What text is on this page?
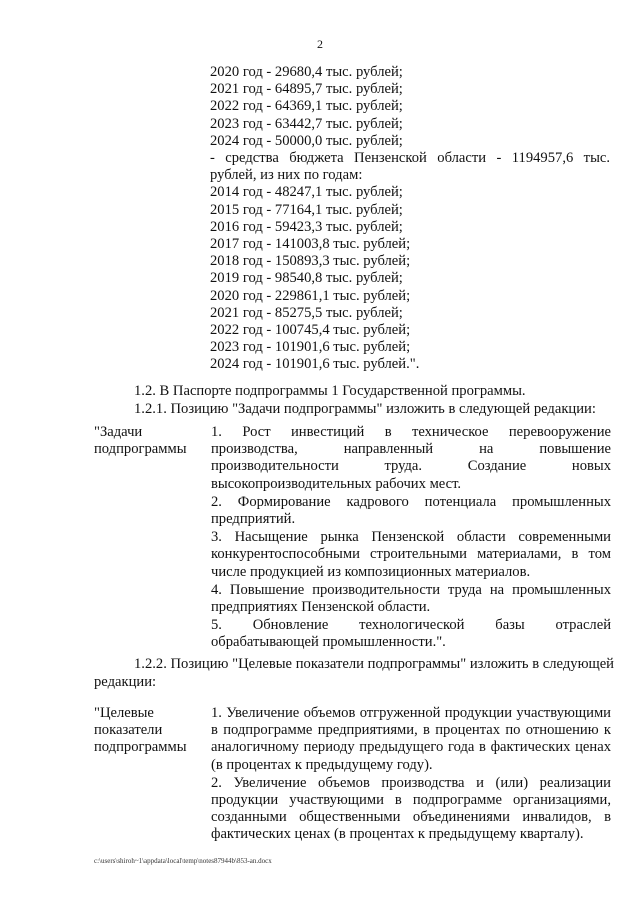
2
2020 год - 29680,4 тыс. рублей;
2021 год - 64895,7 тыс. рублей;
2022 год - 64369,1 тыс. рублей;
2023 год - 63442,7 тыс. рублей;
2024 год - 50000,0 тыс. рублей;
- средства бюджета Пензенской области - 1194957,6 тыс.
рублей, из них по годам:
2014 год - 48247,1 тыс. рублей;
2015 год - 77164,1 тыс. рублей;
2016 год - 59423,3 тыс. рублей;
2017 год - 141003,8 тыс. рублей;
2018 год - 150893,3 тыс. рублей;
2019 год - 98540,8 тыс. рублей;
2020 год - 229861,1 тыс. рублей;
2021 год - 85275,5 тыс. рублей;
2022 год - 100745,4 тыс. рублей;
2023 год - 101901,6 тыс. рублей;
2024 год - 101901,6 тыс. рублей.".
1.2. В Паспорте подпрограммы 1 Государственной программы.
1.2.1. Позицию "Задачи подпрограммы" изложить в следующей редакции:
"Задачи подпрограммы
1. Рост инвестиций в техническое перевооружение производства, направленный на повышение производительности труда. Создание новых высокопроизводительных рабочих мест.
2. Формирование кадрового потенциала промышленных предприятий.
3. Насыщение рынка Пензенской области современными конкурентоспособными строительными материалами, в том числе продукцией из композиционных материалов.
4. Повышение производительности труда на промышленных предприятиях Пензенской области.
5. Обновление технологической базы отраслей обрабатывающей промышленности.".
1.2.2. Позицию "Целевые показатели подпрограммы" изложить в следующей
редакции:
"Целевые показатели подпрограммы
1. Увеличение объемов отгруженной продукции участвующими в подпрограмме предприятиями, в процентах по отношению к аналогичному периоду предыдущего года в фактических ценах (в процентах к предыдущему году).
2. Увеличение объемов производства и (или) реализации продукции участвующими в подпрограмме организациями, созданными общественными объединениями инвалидов, в фактических ценах (в процентах к предыдущему кварталу).
c:\users\shiroh~1\appdata\local\temp\notes87944b\853-an.docx
